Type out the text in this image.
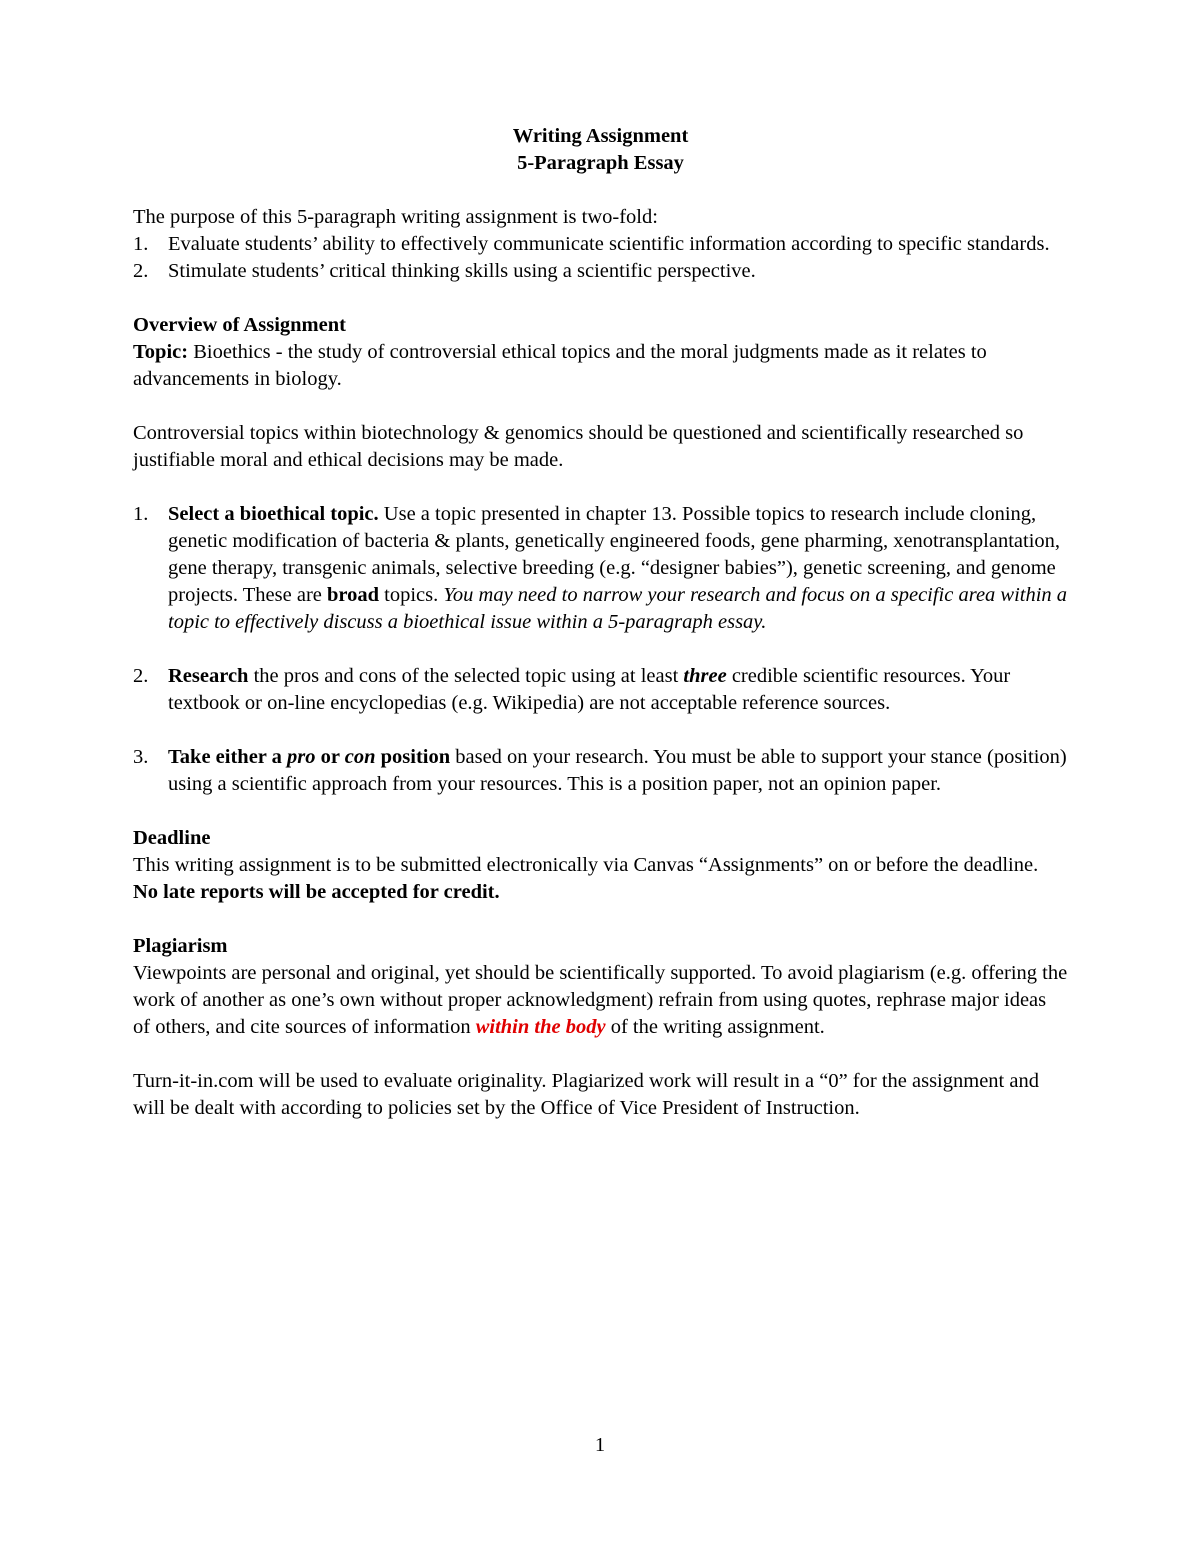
Writing Assignment

5-Paragraph Essay

The purpose of this 5-paragraph writing assignment is two-fold:

1. Evaluate students’ ability to effectively communicate scientific information according to specific standards.
2. Stimulate students’ critical thinking skills using a scientific perspective.

Overview of Assignment

Topic: Bioethics - the study of controversial ethical topics and the moral judgments made as it relates to advancements in biology.

Controversial topics within biotechnology & genomics should be questioned and scientifically researched so justifiable moral and ethical decisions may be made.

1. Select a bioethical topic. Use a topic presented in chapter 13. Possible topics to research include cloning, genetic modification of bacteria & plants, genetically engineered foods, gene pharming, xenotransplantation, gene therapy, transgenic animals, selective breeding (e.g. “designer babies”), genetic screening, and genome projects. These are broad topics. You may need to narrow your research and focus on a specific area within a topic to effectively discuss a bioethical issue within a 5-paragraph essay.
2. Research the pros and cons of the selected topic using at least three credible scientific resources. Your textbook or on-line encyclopedias (e.g. Wikipedia) are not acceptable reference sources.
3. Take either a pro or con position based on your research. You must be able to support your stance (position) using a scientific approach from your resources. This is a position paper, not an opinion paper.

Deadline

This writing assignment is to be submitted electronically via Canvas “Assignments” on or before the deadline. No late reports will be accepted for credit.

Plagiarism

Viewpoints are personal and original, yet should be scientifically supported. To avoid plagiarism (e.g. offering the work of another as one’s own without proper acknowledgment) refrain from using quotes, rephrase major ideas of others, and cite sources of information within the body of the writing assignment.

Turn-it-in.com will be used to evaluate originality. Plagiarized work will result in a “0” for the assignment and will be dealt with according to policies set by the Office of Vice President of Instruction.

1
